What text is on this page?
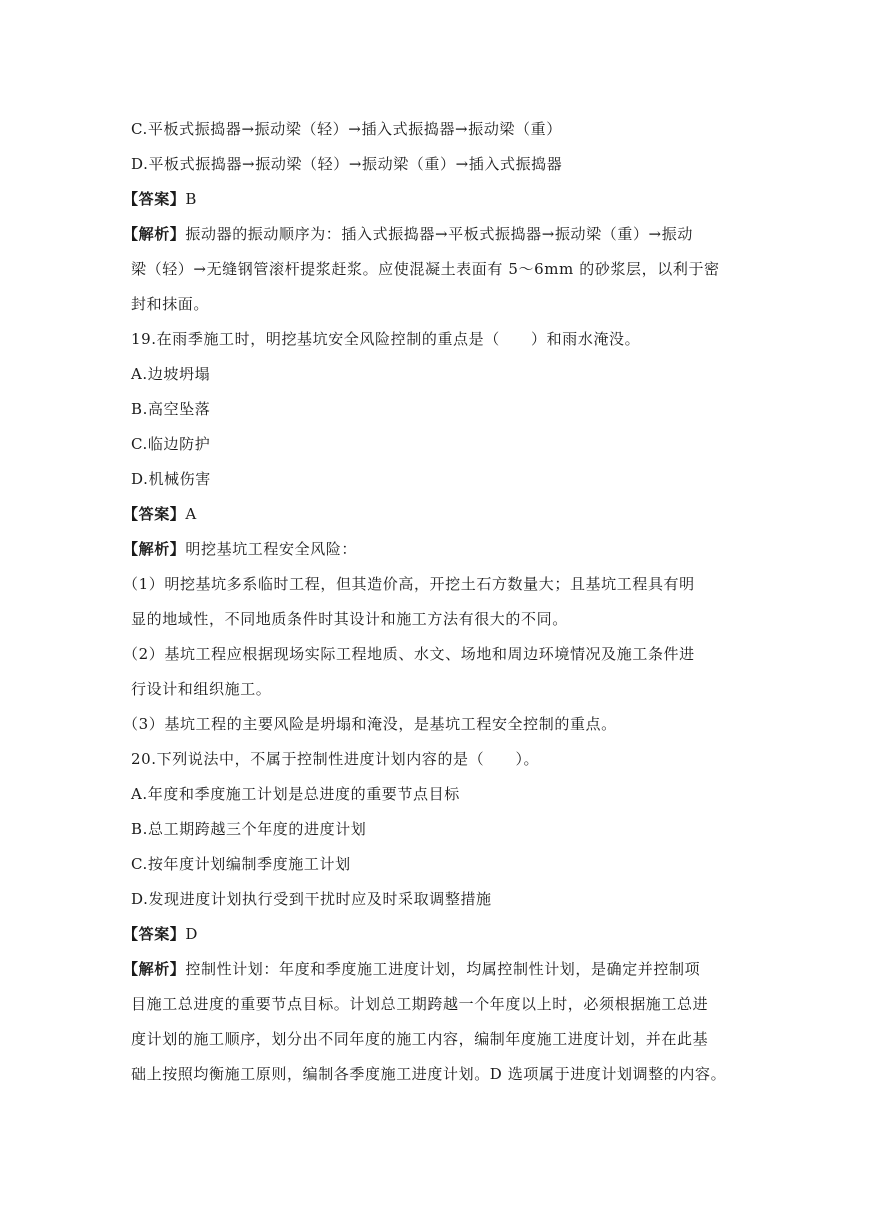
C.平板式振捣器→振动梁（轻）→插入式振捣器→振动梁（重）
D.平板式振捣器→振动梁（轻）→振动梁（重）→插入式振捣器
【答案】B
【解析】振动器的振动顺序为：插入式振捣器→平板式振捣器→振动梁（重）→振动
梁（轻）→无缝钢管滚杆提浆赶浆。应使混凝土表面有 5～6mm 的砂浆层，以利于密
封和抹面。
19.在雨季施工时，明挖基坑安全风险控制的重点是（　　）和雨水淹没。
A.边坡坍塌
B.高空坠落
C.临边防护
D.机械伤害
【答案】A
【解析】明挖基坑工程安全风险：
（1）明挖基坑多系临时工程，但其造价高，开挖土石方数量大；且基坑工程具有明
显的地域性，不同地质条件时其设计和施工方法有很大的不同。
（2）基坑工程应根据现场实际工程地质、水文、场地和周边环境情况及施工条件进
行设计和组织施工。
（3）基坑工程的主要风险是坍塌和淹没，是基坑工程安全控制的重点。
20.下列说法中，不属于控制性进度计划内容的是（　　）。
A.年度和季度施工计划是总进度的重要节点目标
B.总工期跨越三个年度的进度计划
C.按年度计划编制季度施工计划
D.发现进度计划执行受到干扰时应及时采取调整措施
【答案】D
【解析】控制性计划：年度和季度施工进度计划，均属控制性计划，是确定并控制项
目施工总进度的重要节点目标。计划总工期跨越一个年度以上时，必须根据施工总进
度计划的施工顺序，划分出不同年度的施工内容，编制年度施工进度计划，并在此基
础上按照均衡施工原则，编制各季度施工进度计划。D 选项属于进度计划调整的内容。
